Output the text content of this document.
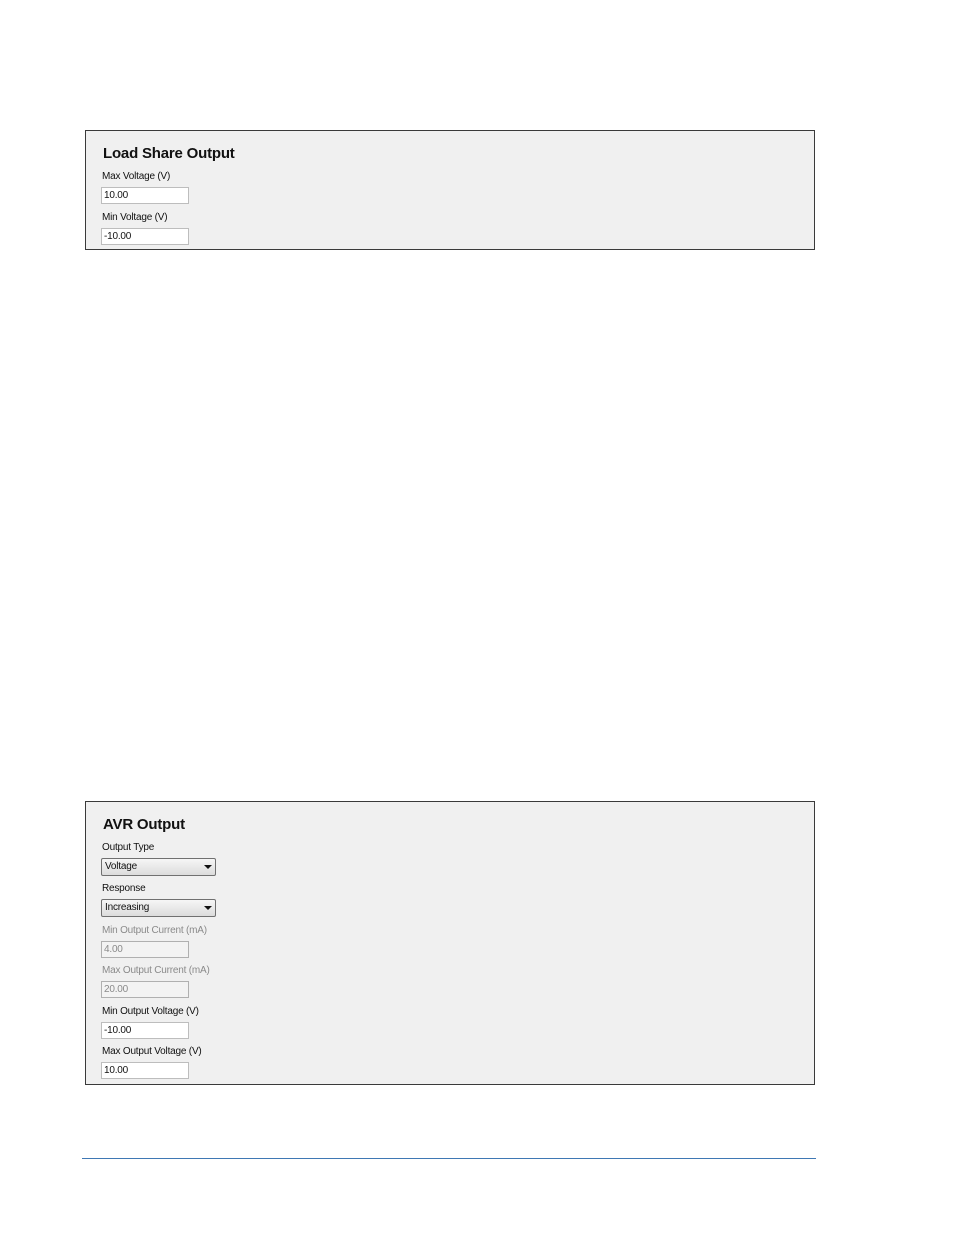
Load Share Output
Max Voltage (V)
10.00
Min Voltage (V)
-10.00
AVR Output
Output Type
Voltage
Response
Increasing
Min Output Current (mA)
4.00
Max Output Current (mA)
20.00
Min Output Voltage (V)
-10.00
Max Output Voltage (V)
10.00
